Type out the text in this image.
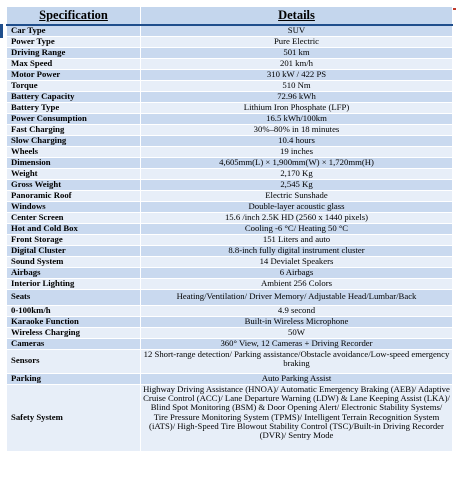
Specification	Details
Car Type	SUV
Power Type	Pure Electric
Driving Range	501 km
Max Speed	201 km/h
Motor Power	310 kW / 422 PS
Torque	510 Nm
Battery Capacity	72.96 kWh
Battery Type	Lithium Iron Phosphate (LFP)
Power Consumption	16.5 kWh/100km
Fast Charging	30%–80% in 18 minutes
Slow Charging	10.4 hours
Wheels	19 inches
Dimension	4,605mm(L) × 1,900mm(W) × 1,720mm(H)
Weight	2,170 Kg
Gross Weight	2,545 Kg
Panoramic Roof	Electric Sunshade
Windows	Double-layer acoustic glass
Center Screen	15.6 /inch 2.5K HD (2560 x 1440 pixels)
Hot and Cold Box	Cooling -6 °C/ Heating 50 °C
Front Storage	151 Liters and auto
Digital Cluster	8.8-inch fully digital instrument cluster
Sound System	14 Devialet Speakers
Airbags	6 Airbags
Interior Lighting	Ambient 256 Colors
Seats	Heating/Ventilation/ Driver Memory/ Adjustable Head/Lumbar/Back
0-100km/h	4.9 second
Karaoke Function	Built-in Wireless Microphone
Wireless Charging	50W
Cameras	360° View, 12 Cameras + Driving Recorder
Sensors	12 Short-range detection/ Parking assistance/Obstacle avoidance/Low-speed emergency braking
Parking	Auto Parking Assist
Safety System	Highway Driving Assistance (HNOA)/ Automatic Emergency Braking (AEB)/ Adaptive Cruise Control (ACC)/ Lane Departure Warning (LDW) & Lane Keeping Assist (LKA)/ Blind Spot Monitoring (BSM) & Door Opening Alert/ Electronic Stability Systems/ Tire Pressure Monitoring System (TPMS)/ Intelligent Terrain Recognition System (iATS)/ High-Speed Tire Blowout Stability Control (TSC)/Built-in Driving Recorder (DVR)/ Sentry Mode
